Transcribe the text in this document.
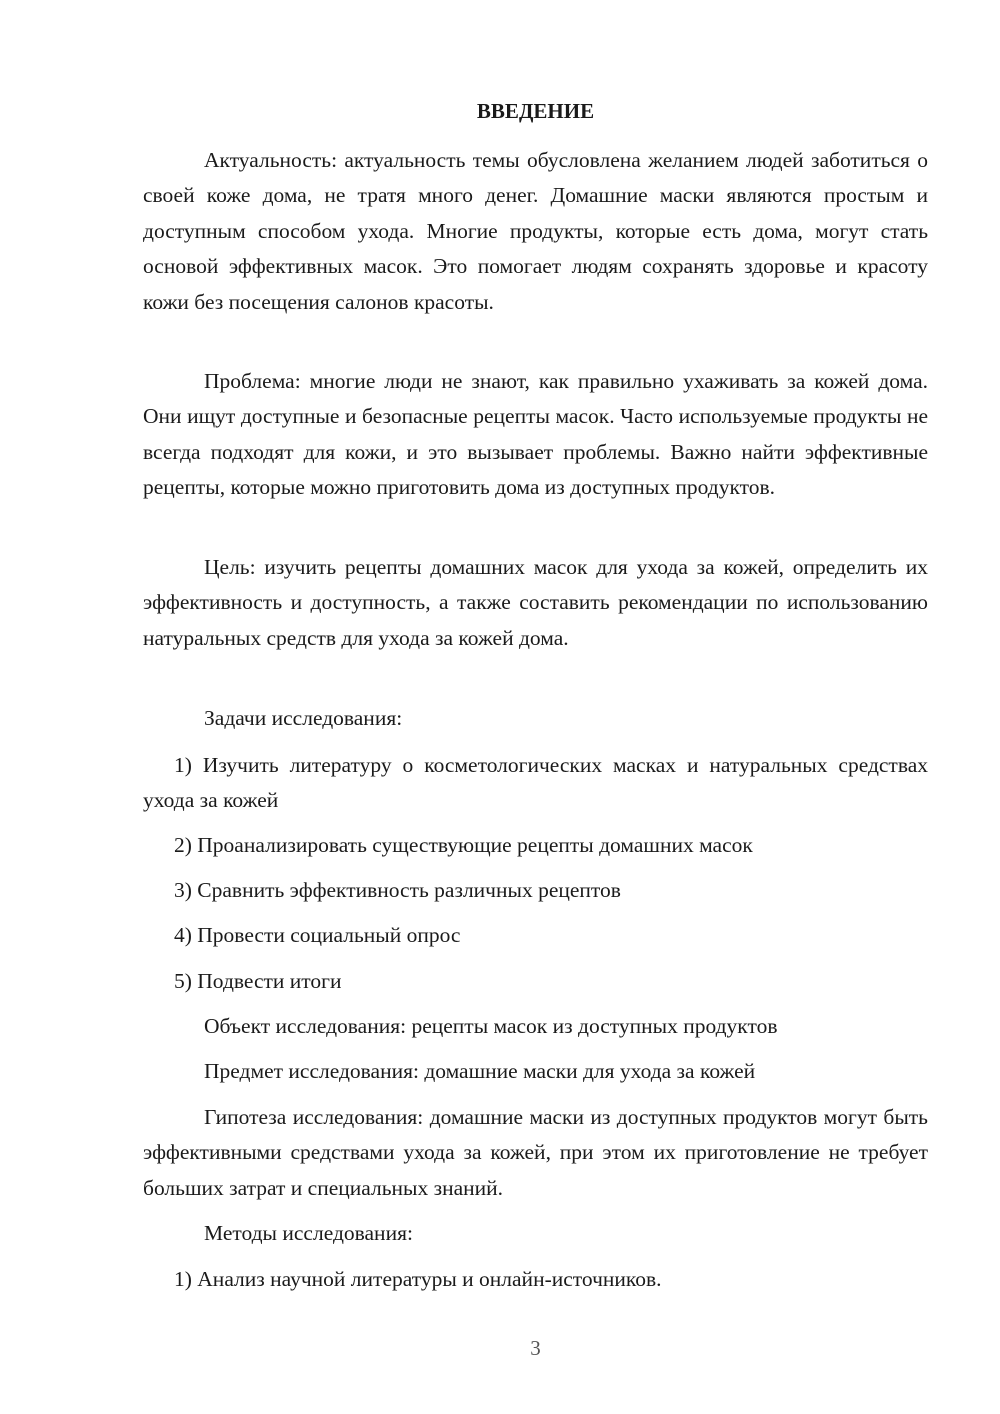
ВВЕДЕНИЕ

Актуальность: актуальность темы обусловлена желанием людей заботиться о своей коже дома, не тратя много денег. Домашние маски являются простым и доступным способом ухода. Многие продукты, которые есть дома, могут стать основой эффективных масок. Это помогает людям сохранять здоровье и красоту кожи без посещения салонов красоты.

Проблема: многие люди не знают, как правильно ухаживать за кожей дома. Они ищут доступные и безопасные рецепты масок. Часто используемые продукты не всегда подходят для кожи, и это вызывает проблемы. Важно найти эффективные рецепты, которые можно приготовить дома из доступных продуктов.

Цель: изучить рецепты домашних масок для ухода за кожей, определить их эффективность и доступность, а также составить рекомендации по использованию натуральных средств для ухода за кожей дома.

Задачи исследования:

1) Изучить литературу о косметологических масках и натуральных средствах ухода за кожей

2) Проанализировать существующие рецепты домашних масок

3) Сравнить эффективность различных рецептов

4) Провести социальный опрос

5) Подвести итоги

Объект исследования: рецепты масок из доступных продуктов

Предмет исследования: домашние маски для ухода за кожей

Гипотеза исследования: домашние маски из доступных продуктов могут быть эффективными средствами ухода за кожей, при этом их приготовление не требует больших затрат и специальных знаний.

Методы исследования:

1) Анализ научной литературы и онлайн-источников.

3
